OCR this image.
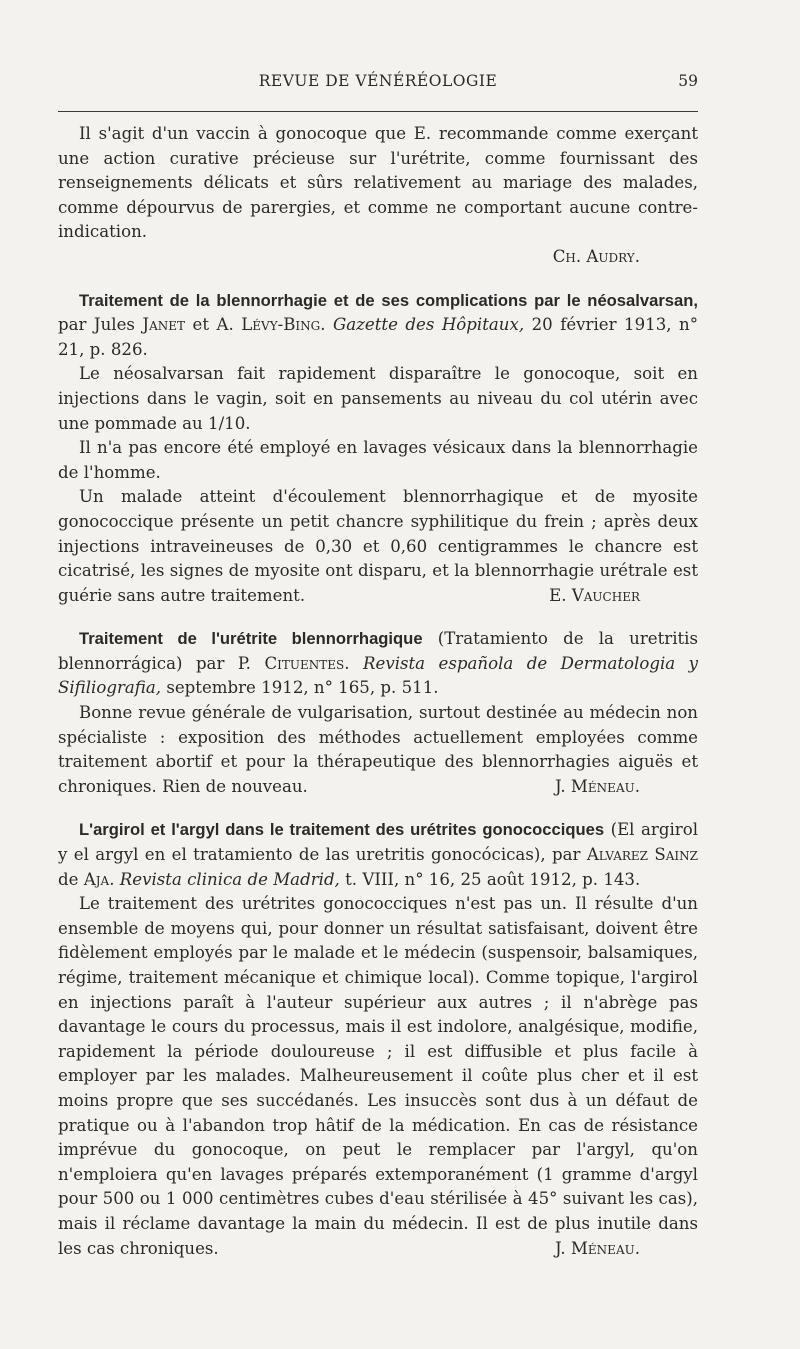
REVUE DE VÉNÉRÉOLOGIE	59

Il s'agit d'un vaccin à gonocoque que E. recommande comme exerçant une action curative précieuse sur l'urétrite, comme fournissant des renseignements délicats et sûrs relativement au mariage des malades, comme dépourvus de parergies, et comme ne comportant aucune contre-indication.

Ch. Audry.

Traitement de la blennorrhagie et de ses complications par le néosalvarsan, par Jules Janet et A. Lévy-Bing. Gazette des Hôpitaux, 20 février 1913, n° 21, p. 826.

Le néosalvarsan fait rapidement disparaître le gonocoque, soit en injections dans le vagin, soit en pansements au niveau du col utérin avec une pommade au 1/10.

Il n'a pas encore été employé en lavages vésicaux dans la blennorrhagie de l'homme.

Un malade atteint d'écoulement blennorrhagique et de myosite gonococcique présente un petit chancre syphilitique du frein ; après deux injections intraveineuses de 0,30 et 0,60 centigrammes le chancre est cicatrisé, les signes de myosite ont disparu, et la blennorrhagie urétrale est guérie sans autre traitement.	E. Vaucher

Traitement de l'urétrite blennorrhagique (Tratamiento de la uretritis blennorrágica) par P. Cituentes. Revista española de Dermatologia y Sifiliografia, septembre 1912, n° 165, p. 511.

Bonne revue générale de vulgarisation, surtout destinée au médecin non spécialiste : exposition des méthodes actuellement employées comme traitement abortif et pour la thérapeutique des blennorrhagies aiguës et chroniques. Rien de nouveau.	J. Méneau.

L'argirol et l'argyl dans le traitement des urétrites gonococciques (El argirol y el argyl en el tratamiento de las uretritis gonocócicas), par Alvarez Sainz de Aja. Revista clinica de Madrid, t. VIII, n° 16, 25 août 1912, p. 143.

Le traitement des urétrites gonococciques n'est pas un. Il résulte d'un ensemble de moyens qui, pour donner un résultat satisfaisant, doivent être fidèlement employés par le malade et le médecin (suspensoir, balsamiques, régime, traitement mécanique et chimique local). Comme topique, l'argirol en injections paraît à l'auteur supérieur aux autres ; il n'abrège pas davantage le cours du processus, mais il est indolore, analgésique, modifie, rapidement la période douloureuse ; il est diffusible et plus facile à employer par les malades. Malheureusement il coûte plus cher et il est moins propre que ses succédanés. Les insuccès sont dus à un défaut de pratique ou à l'abandon trop hâtif de la médication. En cas de résistance imprévue du gonocoque, on peut le remplacer par l'argyl, qu'on n'emploiera qu'en lavages préparés extemporanément (1 gramme d'argyl pour 500 ou 1 000 centimètres cubes d'eau stérilisée à 45° suivant les cas), mais il réclame davantage la main du médecin. Il est de plus inutile dans les cas chroniques.	J. Méneau.
